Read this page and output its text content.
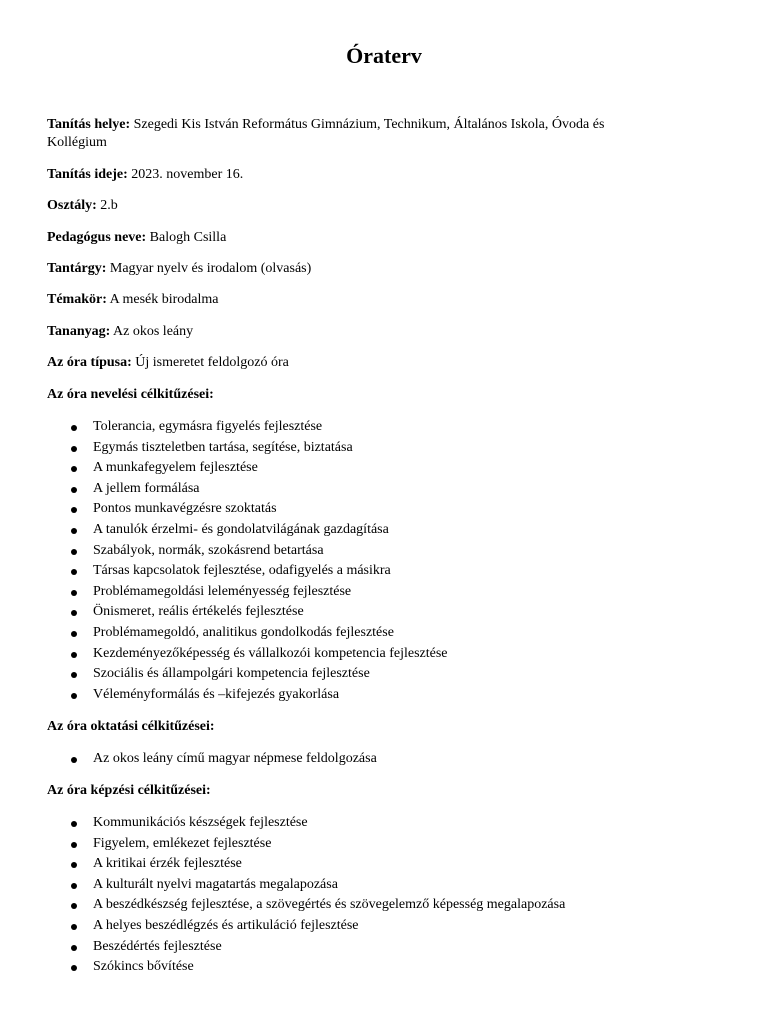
Óraterv
Tanítás helye: Szegedi Kis István Református Gimnázium, Technikum, Általános Iskola, Óvoda és
Kollégium
Tanítás ideje: 2023. november 16.
Osztály: 2.b
Pedagógus neve: Balogh Csilla
Tantárgy: Magyar nyelv és irodalom (olvasás)
Témakör: A mesék birodalma
Tananyag: Az okos leány
Az óra típusa: Új ismeretet feldolgozó óra
Az óra nevelési célkitűzései:
Tolerancia, egymásra figyelés fejlesztése
Egymás tiszteletben tartása, segítése, biztatása
A munkafegyelem fejlesztése
A jellem formálása
Pontos munkavégzésre szoktatás
A tanulók érzelmi- és gondolatvilágának gazdagítása
Szabályok, normák, szokásrend betartása
Társas kapcsolatok fejlesztése, odafigyelés a másikra
Problémamegoldási leleményesség fejlesztése
Önismeret, reális értékelés fejlesztése
Problémamegoldó, analitikus gondolkodás fejlesztése
Kezdeményezőképesség és vállalkozói kompetencia fejlesztése
Szociális és állampolgári kompetencia fejlesztése
Véleményformálás és –kifejezés gyakorlása
Az óra oktatási célkitűzései:
Az okos leány című magyar népmese feldolgozása
Az óra képzési célkitűzései:
Kommunikációs készségek fejlesztése
Figyelem, emlékezet fejlesztése
A kritikai érzék fejlesztése
A kulturált nyelvi magatartás megalapozása
A beszédkészség fejlesztése, a szövegértés és szövegelemző képesség megalapozása
A helyes beszédlégzés és artikuláció fejlesztése
Beszédértés fejlesztése
Szókincs bővítése
